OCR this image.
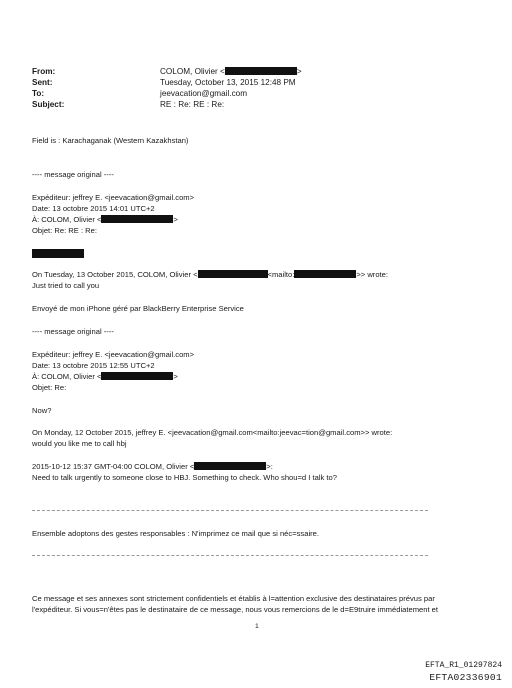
From:	COLOM, Olivier <	>
Sent:	Tuesday, October 13, 2015 12:48 PM
To:	jeevacation@gmail.com
Subject:	RE : Re: RE : Re:
Field is : Karachaganak (Western Kazakhstan)
---- message original ----
Expéditeur: jeffrey E. <jeevacation@gmail.com>
Date: 13 octobre 2015 14:01 UTC+2
À: COLOM, Olivier <	>
Objet: Re: RE : Re:
On Tuesday, 13 October 2015, COLOM, Olivier <	<mailto:	>> wrote:
Just tried to call you
Envoyé de mon iPhone géré par BlackBerry Enterprise Service
---- message original ----
Expéditeur: jeffrey E. <jeevacation@gmail.com>
Date: 13 octobre 2015 12:55 UTC+2
À: COLOM, Olivier <	>
Objet: Re:
Now?
On Monday, 12 October 2015, jeffrey E. <jeevacation@gmail.com<mailto:jeevac=tion@gmail.com>> wrote:
would you like me to call hbj
2015-10-12 15:37 GMT-04:00 COLOM, Olivier <	>:
Need to talk urgently to someone close to HBJ. Something to check. Who shou=d I talk to?
Ensemble adoptons des gestes responsables : N'imprimez ce mail que si néc=ssaire.
Ce message et ses annexes sont strictement confidentiels et établis à l=attention exclusive des destinataires prévus par
l'expéditeur. Si vous=n'êtes pas le destinataire de ce message, nous vous remercions de le d=E9truire immédiatement et
1
EFTA_R1_01297824
EFTA02336901
